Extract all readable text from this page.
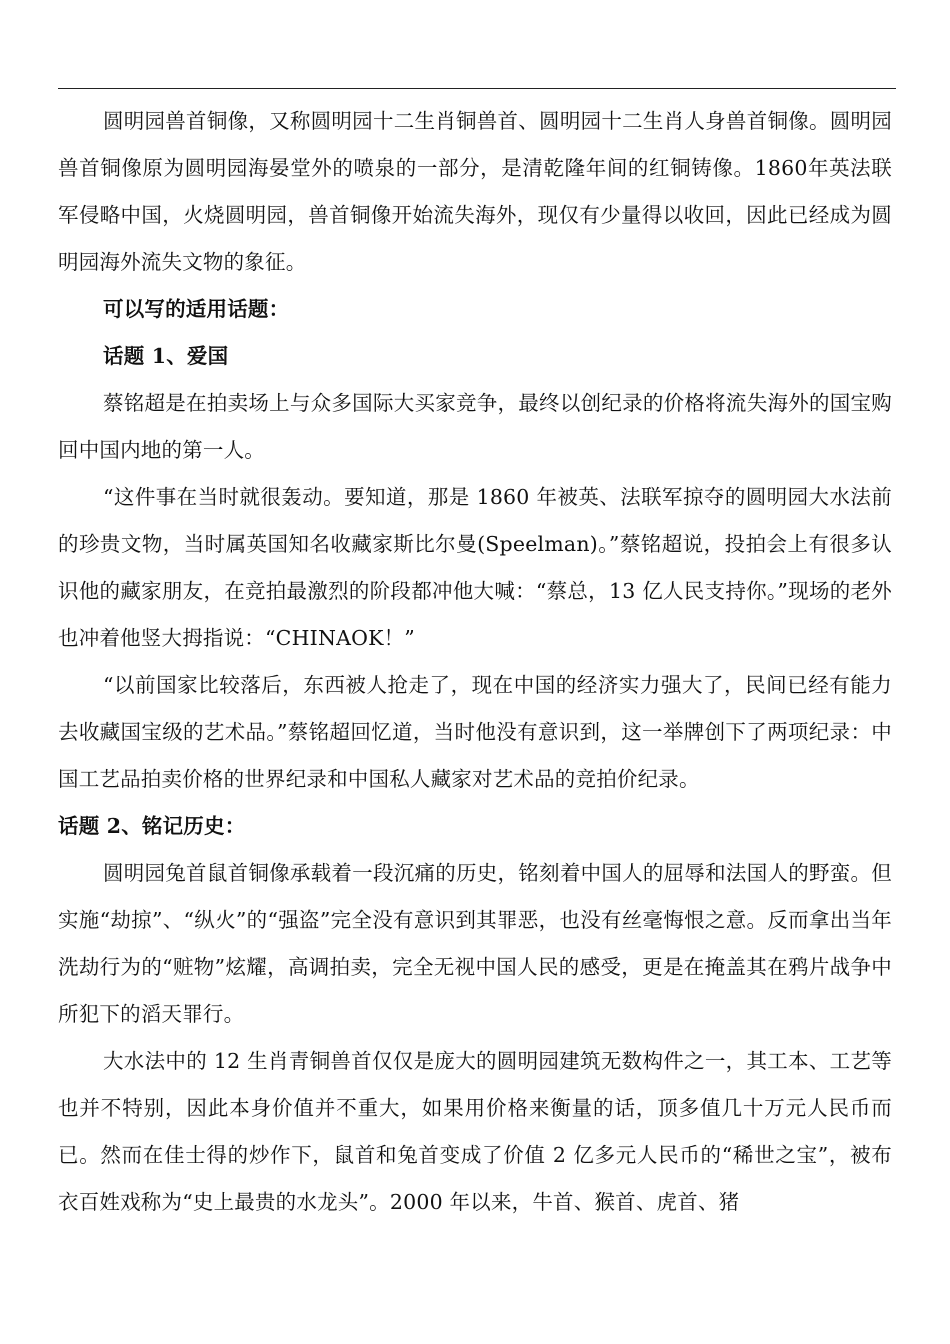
圆明园兽首铜像，又称圆明园十二生肖铜兽首、圆明园十二生肖人身兽首铜像。圆明园兽首铜像原为圆明园海晏堂外的喷泉的一部分，是清乾隆年间的红铜铸像。1860年英法联军侵略中国，火烧圆明园，兽首铜像开始流失海外，现仅有少量得以收回，因此已经成为圆明园海外流失文物的象征。

可以写的适用话题：

话题 1、爱国

蔡铭超是在拍卖场上与众多国际大买家竞争，最终以创纪录的价格将流失海外的国宝购回中国内地的第一人。

“这件事在当时就很轰动。要知道，那是 1860 年被英、法联军掠夺的圆明园大水法前的珍贵文物，当时属英国知名收藏家斯比尔曼(Speelman)。”蔡铭超说，投拍会上有很多认识他的藏家朋友，在竞拍最激烈的阶段都冲他大喊：“蔡总，13 亿人民支持你。”现场的老外也冲着他竖大拇指说：“CHINAOK！”

“以前国家比较落后，东西被人抢走了，现在中国的经济实力强大了，民间已经有能力去收藏国宝级的艺术品。”蔡铭超回忆道，当时他没有意识到，这一举牌创下了两项纪录：中国工艺品拍卖价格的世界纪录和中国私人藏家对艺术品的竞拍价纪录。

话题 2、铭记历史：

圆明园兔首鼠首铜像承载着一段沉痛的历史，铭刻着中国人的屈辱和法国人的野蛮。但实施“劫掠”、“纵火”的“强盗”完全没有意识到其罪恶，也没有丝毫悔恨之意。反而拿出当年洗劫行为的“赃物”炫耀，高调拍卖，完全无视中国人民的感受，更是在掩盖其在鸦片战争中所犯下的滔天罪行。

大水法中的 12 生肖青铜兽首仅仅是庞大的圆明园建筑无数构件之一，其工本、工艺等也并不特别，因此本身价值并不重大，如果用价格来衡量的话，顶多值几十万元人民币而已。然而在佳士得的炒作下，鼠首和兔首变成了价值 2 亿多元人民币的“稀世之宝”，被布衣百姓戏称为“史上最贵的水龙头”。2000 年以来，牛首、猴首、虎首、猪
